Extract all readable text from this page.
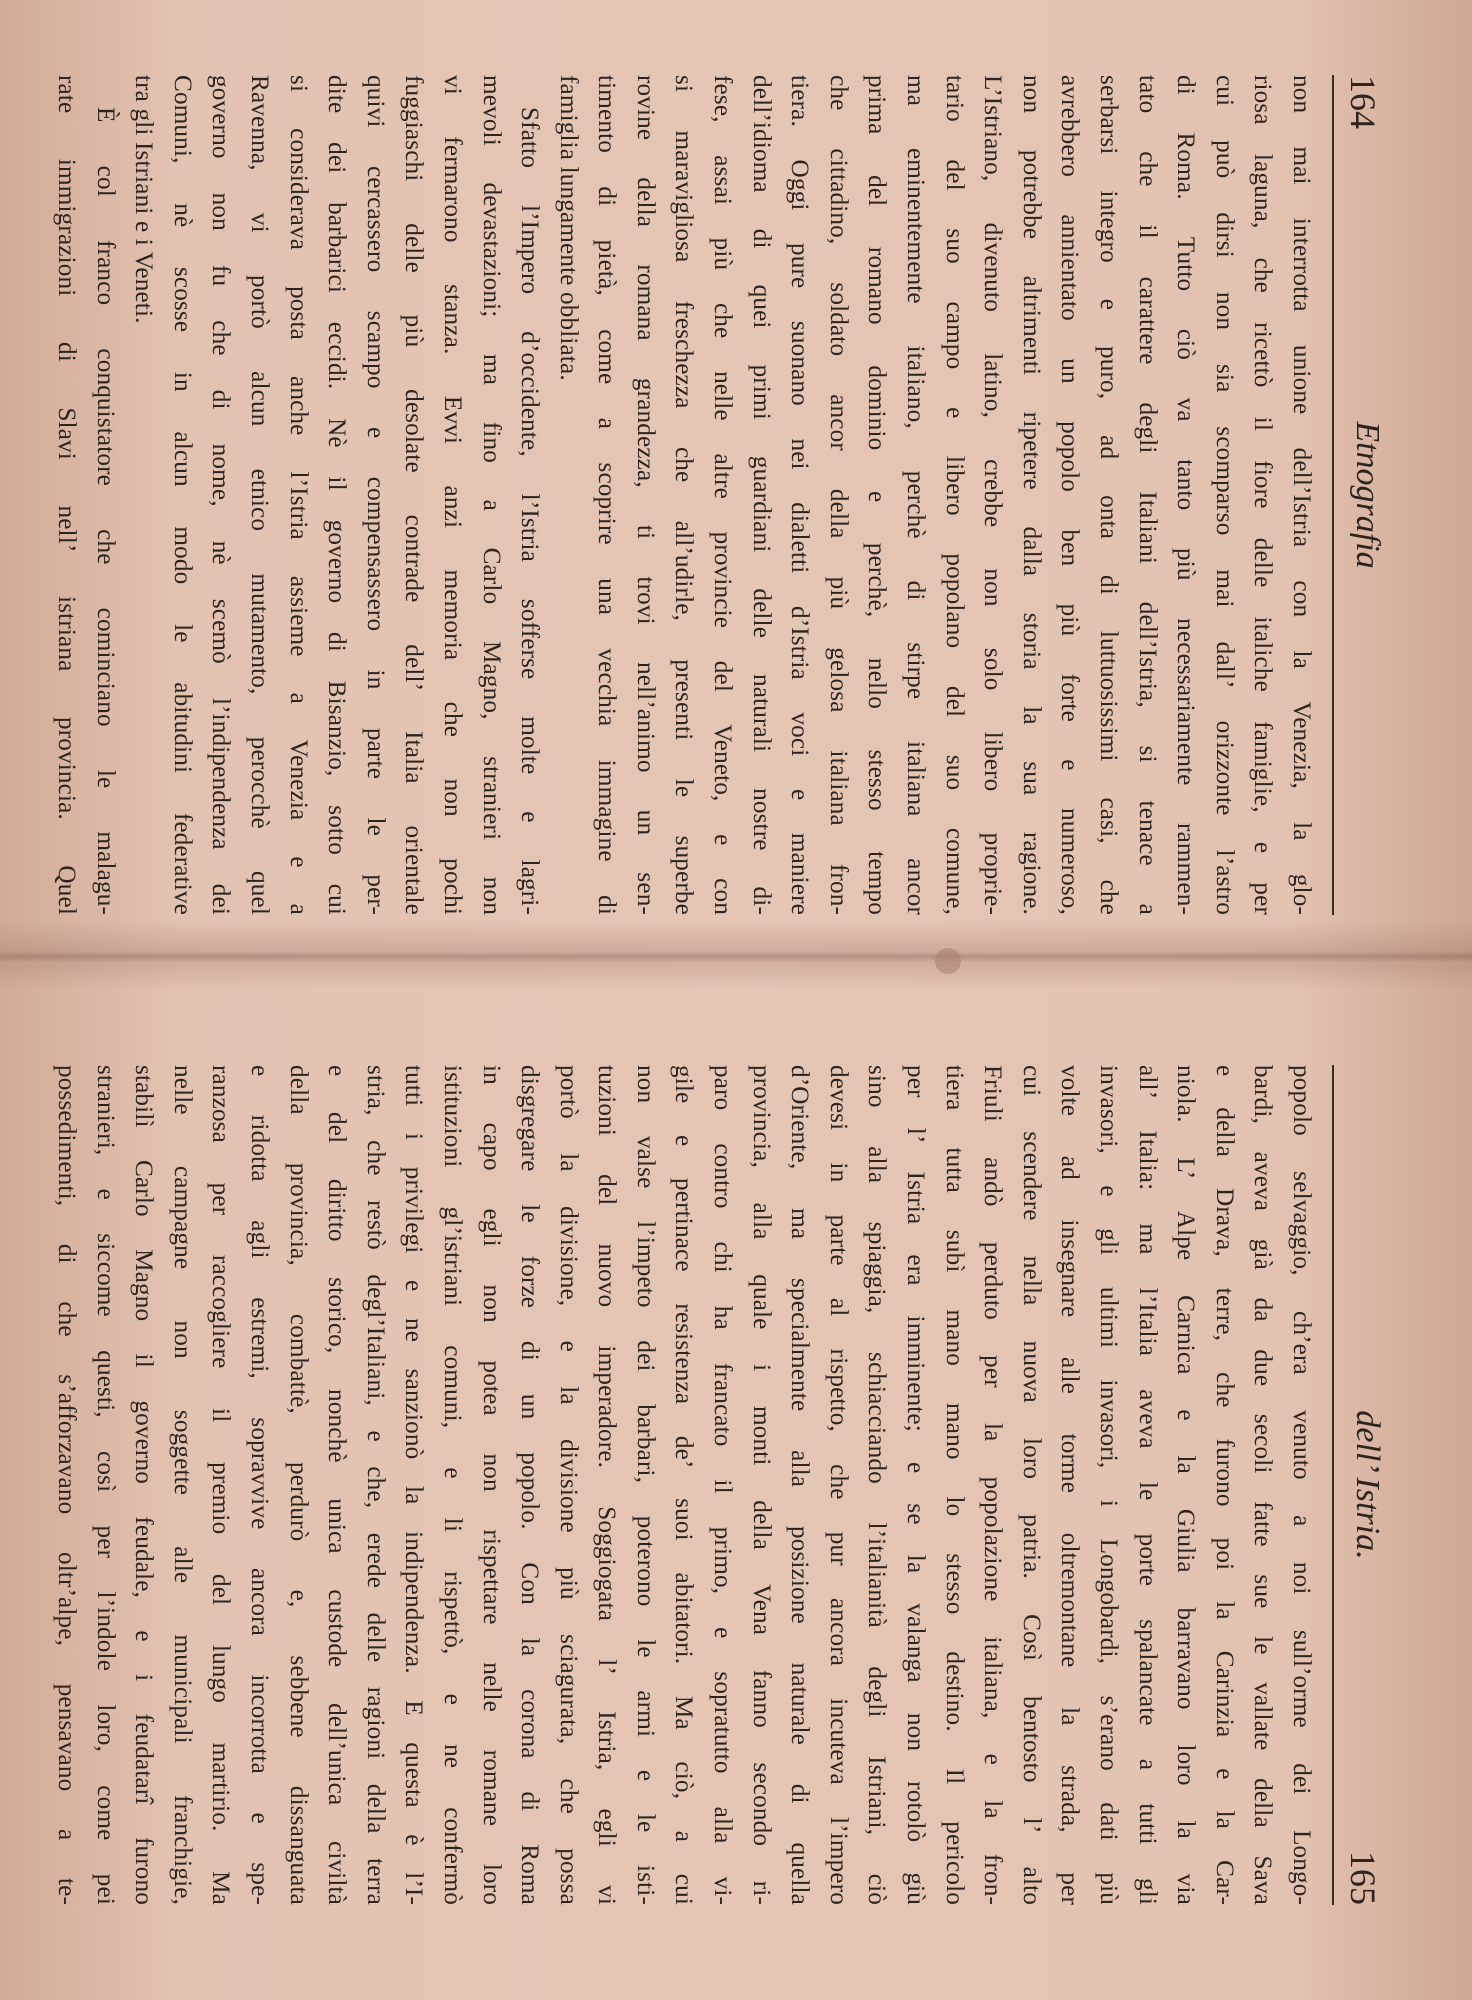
164
Etnografia
non mai interrotta unione dell’Istria con la Venezia, la glo-
riosa laguna, che ricettò il fiore delle italiche famiglie, e per
cui può dirsi non sia scomparso mai dall’ orizzonte l’astro
di Roma. Tutto ciò va tanto più necessariamente rammen-
tato che il carattere degli Italiani dell’Istria, si tenace a
serbarsi integro e puro, ad onta di luttuosissimi casi, che
avrebbero annientato un popolo ben più forte e numeroso,
non potrebbe altrimenti ripetere dalla storia la sua ragione.
L’Istriano, divenuto latino, crebbe non solo libero proprie-
tario del suo campo e libero popolano del suo comune,
ma eminentemente italiano, perchè di stirpe italiana ancor
prima del romano dominio e perchè, nello stesso tempo
che cittadino, soldato ancor della più gelosa italiana fron-
tiera. Oggi pure suonano nei dialetti d’Istria voci e maniere
dell’idioma di quei primi guardiani delle naturali nostre di-
fese, assai più che nelle altre provincie del Veneto, e con
si maravigliosa freschezza che all’udirle, presenti le superbe
rovine della romana grandezza, ti trovi nell’animo un sen-
timento di pietà, come a scoprire una vecchia immagine di
famiglia lungamente obbliata.
Sfatto l’Impero d’occidente, l’Istria sofferse molte e lagri-
mevoli devastazioni; ma fino a Carlo Magno, stranieri non
vi fermarono stanza. Evvi anzi memoria che non pochi
fuggiaschi delle più desolate contrade dell’ Italia orientale
quivi cercassero scampo e compensassero in parte le per-
dite dei barbarici eccidi. Nè il governo di Bisanzio, sotto cui
si considerava posta anche l’Istria assieme a Venezia e a
Ravenna, vi portò alcun etnico mutamento, perocchè quel
governo non fu che di nome, nè scemò l’indipendenza dei
Comuni, nè scosse in alcun modo le abitudini federative
tra gli Istriani e i Veneti.
È col franco conquistatore che cominciano le malagu-
rate immigrazioni di Slavi nell’ istriana provincia. Quel
dell’ Istria.
165
popolo selvaggio, ch’era venuto a noi sull’orme dei Longo-
bardi, aveva già da due secoli fatte sue le vallate della Sava
e della Drava, terre, che furono poi la Carinzia e la Car-
niola. L’ Alpe Carnica e la Giulia barravano loro la via
all’ Italia: ma l’Italia aveva le porte spalancate a tutti gli
invasori, e gli ultimi invasori, i Longobardi, s’erano dati più
volte ad insegnare alle torme oltremontane la strada, per
cui scendere nella nuova loro patria. Così bentosto l’ alto
Friuli andò perduto per la popolazione italiana, e la fron-
tiera tutta subì mano mano lo stesso destino. Il pericolo
per l’ Istria era imminente; e se la valanga non rotolò giù
sino alla spiaggia, schiacciando l’italianità degli Istriani, ciò
devesi in parte al rispetto, che pur ancora incuteva l’impero
d’Oriente, ma specialmente alla posizione naturale di quella
provincia, alla quale i monti della Vena fanno secondo ri-
paro contro chi ha francato il primo, e sopratutto alla vi-
gile e pertinace resistenza de’ suoi abitatori. Ma ciò, a cui
non valse l’impeto dei barbari, poterono le armi e le isti-
tuzioni del nuovo imperadore. Soggiogata l’ Istria, egli vi
portò la divisione, e la divisione più sciagurata, che possa
disgregare le forze di un popolo. Con la corona di Roma
in capo egli non potea non rispettare nelle romane loro
istituzioni gl’istriani comuni, e li rispettò, e ne confermò
tutti i privilegi e ne sanzionò la indipendenza. E questa è l’I-
stria, che restò degl’Italiani, e che, erede delle ragioni della terra
e del diritto storico, nonchè unica custode dell’unica civiltà
della provincia, combattè, perdurò e, sebbene dissanguata
e ridotta agli estremi, sopravvive ancora incorrotta e spe-
ranzosa per raccogliere il premio del lungo martirio. Ma
nelle campagne non soggette alle municipali franchigie,
stabilì Carlo Magno il governo feudale, e i feudatarî furono
stranieri, e siccome questi, così per l’indole loro, come pei
possedimenti, di che s’afforzavano oltr’alpe, pensavano a te-
